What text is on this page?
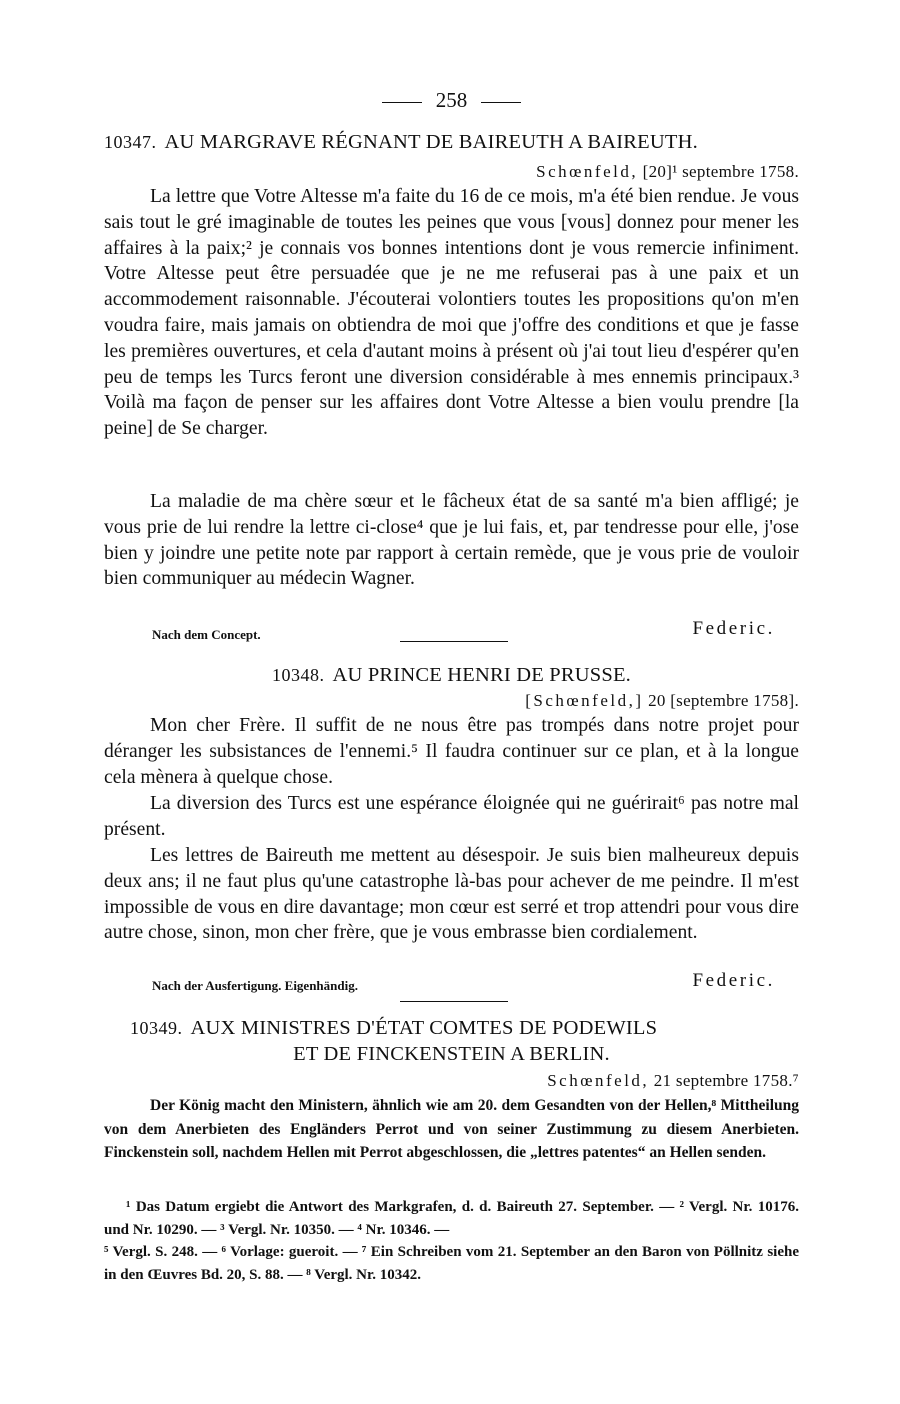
258
10347. AU MARGRAVE RÉGNANT DE BAIREUTH A BAIREUTH.
Schœnfeld, [20]¹ septembre 1758.

La lettre que Votre Altesse m'a faite du 16 de ce mois, m'a été bien rendue. Je vous sais tout le gré imaginable de toutes les peines que vous [vous] donnez pour mener les affaires à la paix;² je connais vos bonnes intentions dont je vous remercie infiniment. Votre Altesse peut être persuadée que je ne me refuserai pas à une paix et un accommodement raisonnable. J'écouterai volontiers toutes les propositions qu'on m'en voudra faire, mais jamais on obtiendra de moi que j'offre des conditions et que je fasse les premières ouvertures, et cela d'autant moins à présent où j'ai tout lieu d'espérer qu'en peu de temps les Turcs feront une diversion considérable à mes ennemis principaux.³ Voilà ma façon de penser sur les affaires dont Votre Altesse a bien voulu prendre [la peine] de Se charger.

La maladie de ma chère sœur et le fâcheux état de sa santé m'a bien affligé; je vous prie de lui rendre la lettre ci-close⁴ que je lui fais, et, par tendresse pour elle, j'ose bien y joindre une petite note par rapport à certain remède, que je vous prie de vouloir bien communiquer au médecin Wagner.

Nach dem Concept.	Federic.
10348. AU PRINCE HENRI DE PRUSSE.
[Schœnfeld,] 20 [septembre 1758].

Mon cher Frère. Il suffit de ne nous être pas trompés dans notre projet pour déranger les subsistances de l'ennemi.⁵ Il faudra continuer sur ce plan, et à la longue cela mènera à quelque chose.

La diversion des Turcs est une espérance éloignée qui ne guérirait⁶ pas notre mal présent.

Les lettres de Baireuth me mettent au désespoir. Je suis bien malheureux depuis deux ans; il ne faut plus qu'une catastrophe là-bas pour achever de me peindre. Il m'est impossible de vous en dire davantage; mon cœur est serré et trop attendri pour vous dire autre chose, sinon, mon cher frère, que je vous embrasse bien cordialement.

Nach der Ausfertigung. Eigenhändig.	Federic.
10349. AUX MINISTRES D'ÉTAT COMTES DE PODEWILS
ET DE FINCKENSTEIN A BERLIN.
Schœnfeld, 21 septembre 1758.⁷

Der König macht den Ministern, ähnlich wie am 20. dem Gesandten von der Hellen,⁸ Mittheilung von dem Anerbieten des Engländers Perrot und von seiner Zustimmung zu diesem Anerbieten. Finckenstein soll, nachdem Hellen mit Perrot abgeschlossen, die „lettres patentes“ an Hellen senden.

¹ Das Datum ergiebt die Antwort des Markgrafen, d. d. Baireuth 27. September. — ² Vergl. Nr. 10176. und Nr. 10290. — ³ Vergl. Nr. 10350. — ⁴ Nr. 10346. —
⁵ Vergl. S. 248. — ⁶ Vorlage: gueroit. — ⁷ Ein Schreiben vom 21. September an den Baron von Pöllnitz siehe in den Œuvres Bd. 20, S. 88. — ⁸ Vergl. Nr. 10342.
